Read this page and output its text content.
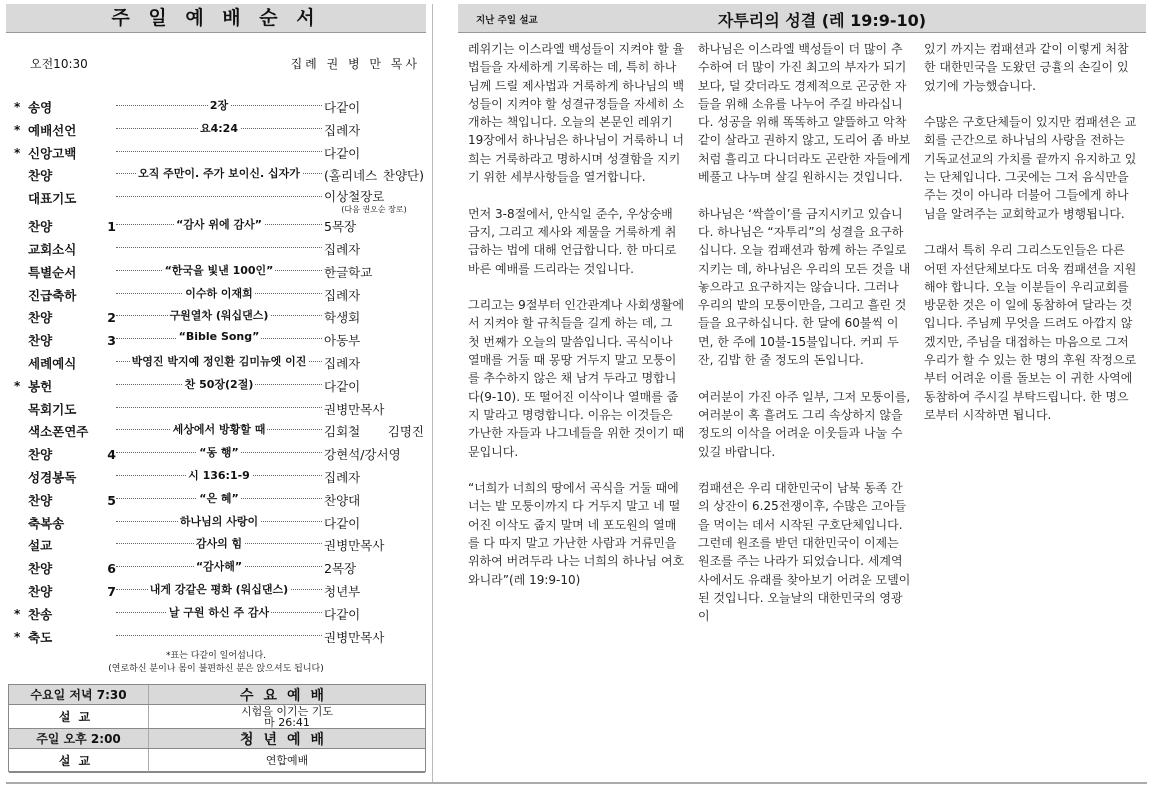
주 일 예 배 순 서
오전10:30	집례 권 병 만 목사
* 송영	2장	다같이
* 예배선언	요4:24	집례자
* 신앙고백	다같이
찬양	오직 주만이. 주가 보이신. 십자가	(홀리네스 찬양단)
대표기도	이상철장로
(다음 권오순 장로)
찬양 1	“감사 위에 감사”	5목장
교회소식	집례자
특별순서	“한국을 빛낸 100인”	한글학교
진급축하	이수하 이재희	집례자
찬양 2	구원열차 (워십댄스)	학생회
찬양 3	“Bible Song”	아동부
세례예식	박영진 박지예 정인환 김미뉴엣 이진	집례자
* 봉헌	찬 50장(2절)	다같이
목회기도	권병만목사
색소폰연주	세상에서 방황할 때	김회철 김명진
찬양 4	“동 행”	강현석/강서영
성경봉독	시 136:1-9	집례자
찬양 5	“은 혜”	찬양대
축복송	하나님의 사랑이	다같이
설교	감사의 힘	권병만목사
찬양 6	“감사해”	2목장
찬양 7	내게 강같은 평화 (워십댄스)	청년부
* 찬송	날 구원 하신 주 감사	다같이
* 축도	권병만목사
*표는 다같이 일어섭니다.
(연로하신 분이나 몸이 불편하신 분은 앉으셔도 됩니다)
수요일 저녁 7:30	수요예배
설교	시험을 이기는 기도
마 26:41
주일 오후 2:00	청년예배
설교	연합예배
지난 주일 설교	자투리의 성결 (레 19:9-10)

레위기는 이스라엘 백성들이 지켜야 할 율법들을 자세하게 기록하는 데, 특히 하나님께 드릴 제사법과 거룩하게 하나님의 백성들이 지켜야 할 성결규정들을 자세히 소개하는 책입니다. 오늘의 본문인 레위기 19장에서 하나님은 하나님이 거룩하니 너희는 거룩하라고 명하시며 성결함을 지키기 위한 세부사항들을 열거합니다.

먼저 3-8절에서, 안식일 준수, 우상숭배 금지, 그리고 제사와 제물을 거룩하게 취급하는 법에 대해 언급합니다. 한 마디로 바른 예배를 드리라는 것입니다.

그리고는 9절부터 인간관계나 사회생활에서 지켜야 할 규칙들을 길게 하는 데, 그 첫 번째가 오늘의 말씀입니다. 곡식이나 열매를 거둘 때 몽땅 거두지 말고 모퉁이를 추수하지 않은 채 남겨 두라고 명합니다(9-10). 또 떨어진 이삭이나 열매를 줍지 말라고 명령합니다. 이유는 이것들은 가난한 자들과 나그네들을 위한 것이기 때문입니다.

“너희가 너희의 땅에서 곡식을 거둘 때에 너는 밭 모퉁이까지 다 거두지 말고 네 떨어진 이삭도 줍지 말며 네 포도원의 열매를 다 따지 말고 가난한 사람과 거류민을 위하여 버려두라 나는 너희의 하나님 여호와니라”(레 19:9-10)

하나님은 이스라엘 백성들이 더 많이 추수하여 더 많이 가진 최고의 부자가 되기 보다, 덜 갖더라도 경제적으로 곤궁한 자들을 위해 소유를 나누어 주길 바라십니다. 성공을 위해 똑똑하고 얄뜰하고 악착같이 살라고 권하지 않고, 도리어 좀 바보처럼 흘리고 다니더라도 곤란한 자들에게 베풀고 나누며 살길 원하시는 것입니다.

하나님은 ‘싹쓸이’를 금지시키고 있습니다. 하나님은 “자투리”의 성결을 요구하십니다. 오늘 컴패션과 함께 하는 주일로 지키는 데, 하나님은 우리의 모든 것을 내 놓으라고 요구하지는 않습니다. 그러나 우리의 밭의 모퉁이만을, 그리고 흘린 것들을 요구하십니다. 한 달에 60불씩 이면, 한 주에 10불-15불입니다. 커피 두 잔, 김밥 한 줄 정도의 돈입니다.

여러분이 가진 아주 일부, 그저 모퉁이를, 여러분이 혹 흘려도 그리 속상하지 않을 정도의 이삭을 어려운 이웃들과 나눌 수 있길 바랍니다.

컴패션은 우리 대한민국이 남북 동족 간의 상잔이 6.25전쟁이후, 수많은 고아들을 먹이는 데서 시작된 구호단체입니다. 그런데 원조를 받던 대한민국이 이제는 원조를 주는 나라가 되었습니다. 세계역사에서도 유래를 찾아보기 어려운 모델이 된 것입니다. 오늘날의 대한민국의 영광이

있기 까지는 컴패션과 같이 이렇게 처참한 대한민국을 도왔던 긍휼의 손길이 있었기에 가능했습니다.

수많은 구호단체들이 있지만 컴패션은 교회를 근간으로 하나님의 사랑을 전하는 기독교선교의 가치를 끝까지 유지하고 있는 단체입니다. 그곳에는 그저 음식만을 주는 것이 아니라 더불어 그들에게 하나님을 알려주는 교회학교가 병행됩니다.

그래서 특히 우리 그리스도인들은 다른 어떤 자선단체보다도 더욱 컴패션을 지원해야 합니다. 오늘 이분들이 우리교회를 방문한 것은 이 일에 동참하여 달라는 것입니다. 주님께 무엇을 드려도 아깝지 않겠지만, 주님을 대접하는 마음으로 그저 우리가 할 수 있는 한 명의 후원 작정으로부터 어려운 이를 돌보는 이 귀한 사역에 동참하여 주시길 부탁드립니다. 한 명으로부터 시작하면 됩니다.
